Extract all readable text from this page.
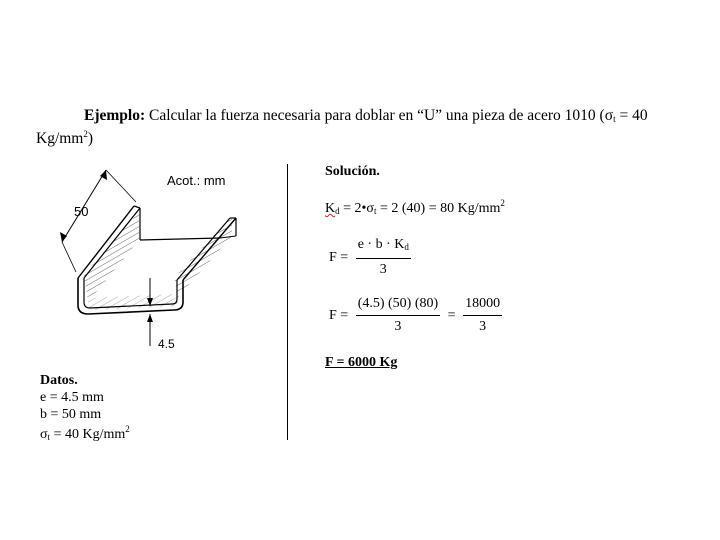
Ejemplo: Calcular la fuerza necesaria para doblar en “U” una pieza de acero 1010 ($\sigma_t = 40$
$Kg/mm^2$)
50
Acot.: mm
4.5
Solución.
$K_d$ = $2•\sigma_t = 2$ (40) = 80 $Kg/mm^2$
$F = \frac{e \cdot b \cdot K_d}{3}$
$F = \frac{(4.5) (50) (80)}{3} = \frac{18000}{3}$
F = 6000 Kg
Datos.
e = 4.5 mm
b = 50 mm
$\sigma_t = 40$ $Kg/mm^2$
